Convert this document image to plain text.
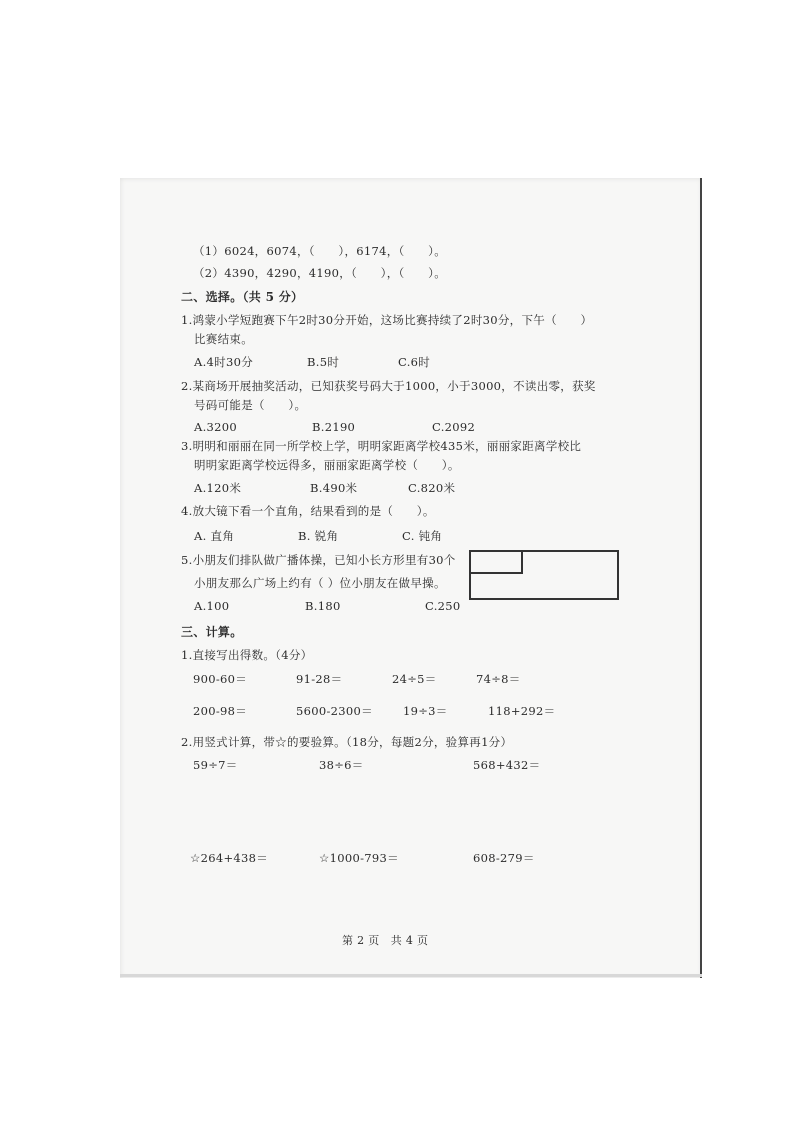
（1）6024，6074，（　　），6174，（　　）。
（2）4390，4290，4190，（　　），（　　）。
二、选择。（共 5 分）
1.鸿蒙小学短跑赛下午2时30分开始，这场比赛持续了2时30分，下午（　　）
比赛结束。
A.4时30分	B.5时	C.6时
2.某商场开展抽奖活动，已知获奖号码大于1000，小于3000，不读出零，获奖
号码可能是（　　）。
A.3200	B.2190	C.2092
3.明明和丽丽在同一所学校上学，明明家距离学校435米，丽丽家距离学校比
明明家距离学校远得多，丽丽家距离学校（　　）。
A.120米	B.490米	C.820米
4.放大镜下看一个直角，结果看到的是（　　）。
A. 直角	B. 锐角	C. 钝角
5.小朋友们排队做广播体操，已知小长方形里有30个
小朋友那么广场上约有（ ）位小朋友在做早操。
A.100	B.180	C.250
三、计算。
1.直接写出得数。（4分）
900-60＝	91-28＝	24÷5＝	74÷8＝
200-98＝	5600-2300＝	19÷3＝	118+292＝
2.用竖式计算，带☆的要验算。（18分，每题2分，验算再1分）
59÷7＝	38÷6＝	568+432＝
☆264+438＝	☆1000-793＝	608-279＝
第 2 页　共 4 页
